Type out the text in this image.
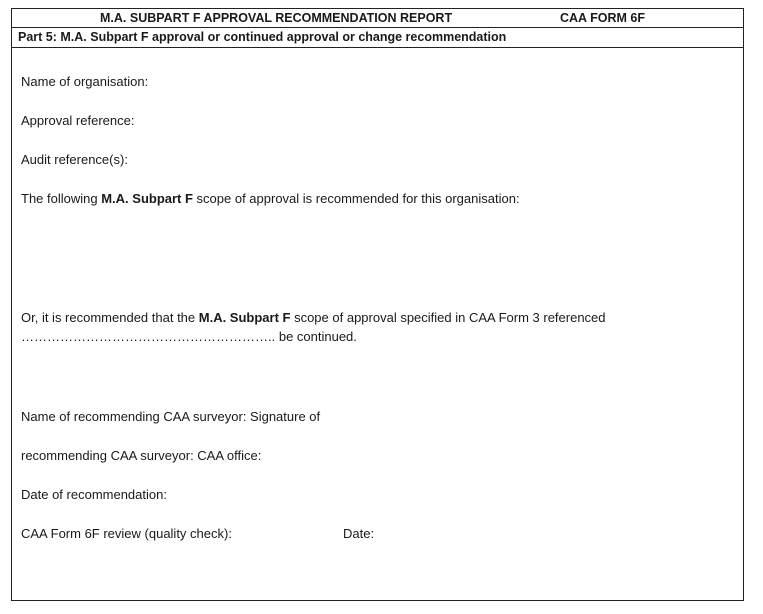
M.A. SUBPART F APPROVAL RECOMMENDATION REPORT	CAA FORM 6F
Part 5: M.A. Subpart F approval or continued approval or change recommendation
Name of organisation:
Approval reference:
Audit reference(s):
The following M.A. Subpart F scope of approval is recommended for this organisation:
Or, it is recommended that the M.A. Subpart F scope of approval specified in CAA Form 3 referenced
………………………………………………….. be continued.
Name of recommending CAA surveyor: Signature of
recommending CAA surveyor: CAA office:
Date of recommendation:
CAA Form 6F review (quality check):	Date:
